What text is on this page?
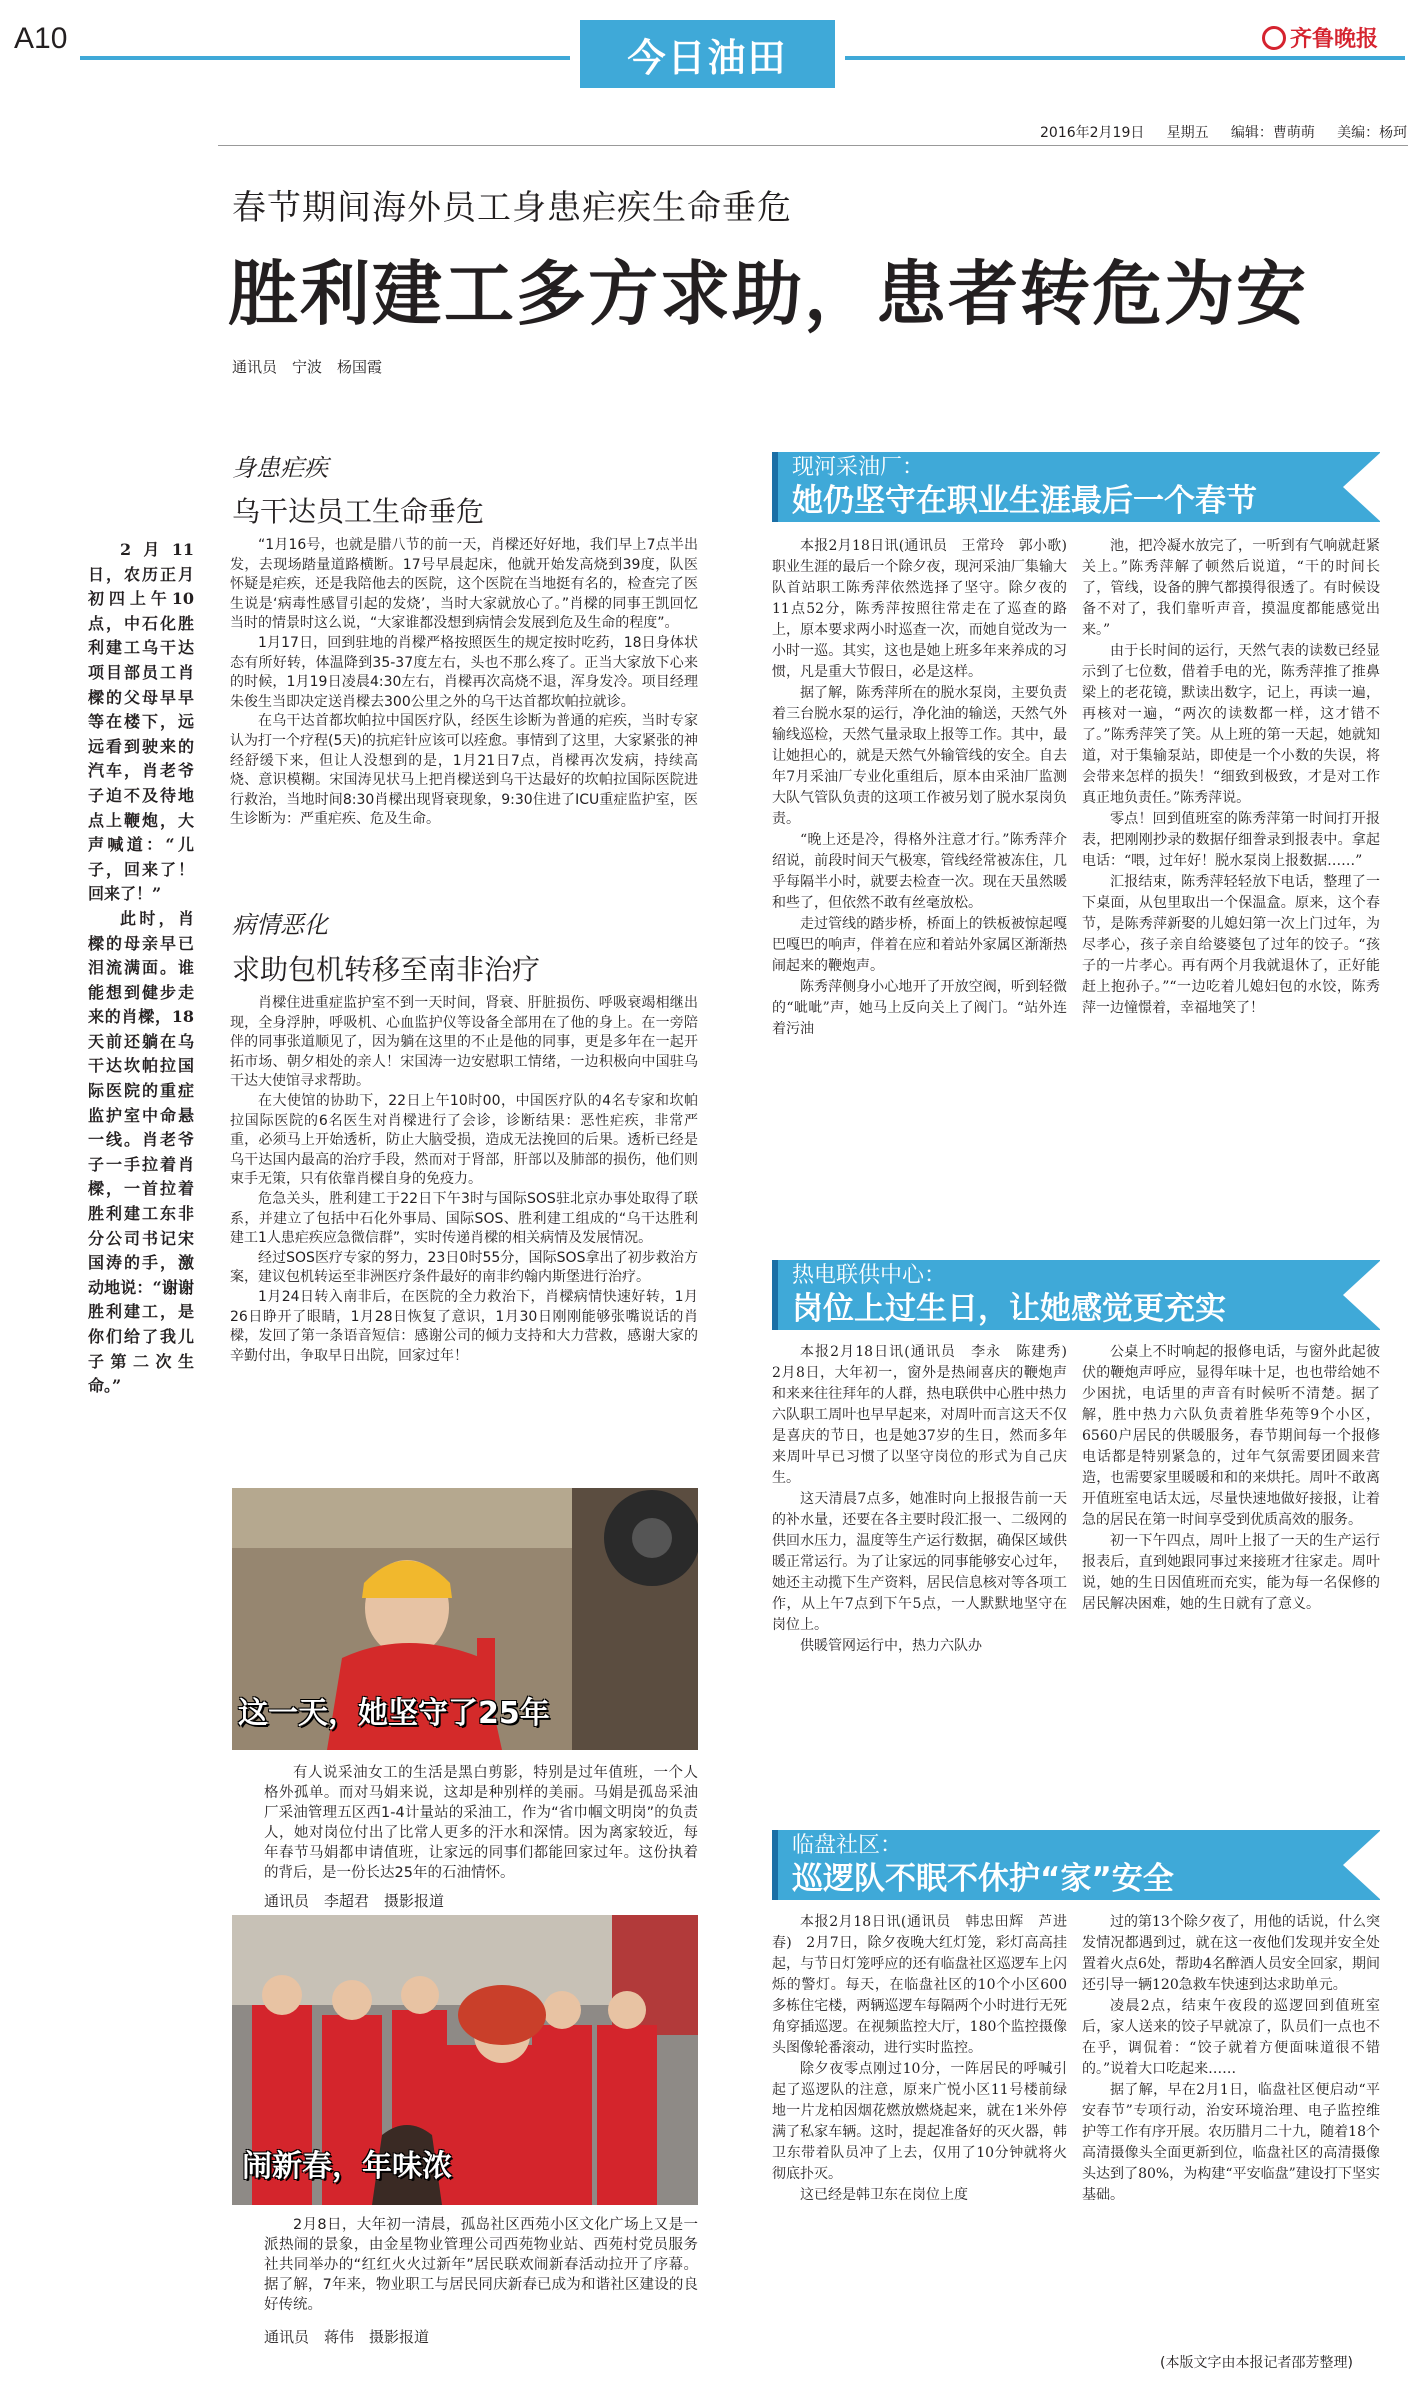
A10	今日油田	齐鲁晚报
2016年2月19日 星期五 编辑：曹萌萌 美编：杨珂
春节期间海外员工身患疟疾生命垂危
胜利建工多方求助，患者转危为安
通讯员　宁波　杨国霞

2月11日，农历正月初四上午10点，中石化胜利建工乌干达项目部员工肖樑的父母早早等在楼下，远远看到驶来的汽车，肖老爷子迫不及待地点上鞭炮，大声喊道：“儿子，回来了！回来了！”

此时，肖樑的母亲早已泪流满面。谁能想到健步走来的肖樑，18天前还躺在乌干达坎帕拉国际医院的重症监护室中命悬一线。肖老爷子一手拉着肖樑，一首拉着胜利建工东非分公司书记宋国涛的手，激动地说：“谢谢胜利建工，是你们给了我儿子第二次生命。”

身患疟疾
乌干达员工生命垂危

“1月16号，也就是腊八节的前一天，肖樑还好好地，我们早上7点半出发，去现场踏量道路横断。17号早晨起床，他就开始发高烧到39度，队医怀疑是疟疾，还是我陪他去的医院，这个医院在当地挺有名的，检查完了医生说是‘病毒性感冒引起的发烧’，当时大家就放心了。”肖樑的同事王凯回忆当时的情景时这么说，“大家谁都没想到病情会发展到危及生命的程度”。

1月17日，回到驻地的肖樑严格按照医生的规定按时吃药，18日身体状态有所好转，体温降到35-37度左右，头也不那么疼了。正当大家放下心来的时候，1月19日凌晨4:30左右，肖樑再次高烧不退，浑身发冷。项目经理朱俊生当即决定送肖樑去300公里之外的乌干达首都坎帕拉就诊。

在乌干达首都坎帕拉中国医疗队，经医生诊断为普通的疟疾，当时专家认为打一个疗程(5天)的抗疟针应该可以痊愈。事情到了这里，大家紧张的神经舒缓下来，但让人没想到的是，1月21日7点，肖樑再次发病，持续高烧、意识模糊。宋国涛见状马上把肖樑送到乌干达最好的坎帕拉国际医院进行救治，当地时间8:30肖樑出现肾衰现象，9:30住进了ICU重症监护室，医生诊断为：严重疟疾、危及生命。

病情恶化
求助包机转移至南非治疗

肖樑住进重症监护室不到一天时间，肾衰、肝脏损伤、呼吸衰竭相继出现，全身浮肿，呼吸机、心血监护仪等设备全部用在了他的身上。在一旁陪伴的同事张道顺见了，因为躺在这里的不止是他的同事，更是多年在一起开拓市场、朝夕相处的亲人！宋国涛一边安慰职工情绪，一边积极向中国驻乌干达大使馆寻求帮助。

在大使馆的协助下，22日上午10时00，中国医疗队的4名专家和坎帕拉国际医院的6名医生对肖樑进行了会诊，诊断结果：恶性疟疾，非常严重，必须马上开始透析，防止大脑受损，造成无法挽回的后果。透析已经是乌干达国内最高的治疗手段，然而对于肾部，肝部以及肺部的损伤，他们则束手无策，只有依靠肖樑自身的免疫力。

危急关头，胜利建工于22日下午3时与国际SOS驻北京办事处取得了联系，并建立了包括中石化外事局、国际SOS、胜利建工组成的“乌干达胜利建工1人患疟疾应急微信群”，实时传递肖樑的相关病情及发展情况。

经过SOS医疗专家的努力，23日0时55分，国际SOS拿出了初步救治方案，建议包机转运至非洲医疗条件最好的南非约翰内斯堡进行治疗。

1月24日转入南非后，在医院的全力救治下，肖樑病情快速好转，1月26日睁开了眼睛，1月28日恢复了意识，1月30日刚刚能够张嘴说话的肖樑，发回了第一条语音短信：感谢公司的倾力支持和大力营救，感谢大家的辛勤付出，争取早日出院，回家过年！

这一天，她坚守了25年
有人说采油女工的生活是黑白剪影，特别是过年值班，一个人格外孤单。而对马娟来说，这却是种别样的美丽。马娟是孤岛采油厂采油管理五区西1-4计量站的采油工，作为“省巾帼文明岗”的负责人，她对岗位付出了比常人更多的汗水和深情。因为离家较近，每年春节马娟都申请值班，让家远的同事们都能回家过年。这份执着的背后，是一份长达25年的石油情怀。
通讯员　李超君　摄影报道
闹新春，年味浓
2月8日，大年初一清晨，孤岛社区西苑小区文化广场上又是一派热闹的景象，由金星物业管理公司西苑物业站、西苑村党员服务社共同举办的“红红火火过新年”居民联欢闹新春活动拉开了序幕。据了解，7年来，物业职工与居民同庆新春已成为和谐社区建设的良好传统。
通讯员　蒋伟　摄影报道
现河采油厂：
她仍坚守在职业生涯最后一个春节

本报2月18日讯(通讯员　王常玲　郭小歌)　职业生涯的最后一个除夕夜，现河采油厂集输大队首站职工陈秀萍依然选择了坚守。除夕夜的11点52分，陈秀萍按照往常走在了巡查的路上，原本要求两小时巡查一次，而她自觉改为一小时一巡。其实，这也是她上班多年来养成的习惯，凡是重大节假日，必是这样。

据了解，陈秀萍所在的脱水泵岗，主要负责着三台脱水泵的运行，净化油的输送，天然气外输线巡检，天然气量录取上报等工作。其中，最让她担心的，就是天然气外输管线的安全。自去年7月采油厂专业化重组后，原本由采油厂监测大队气管队负责的这项工作被另划了脱水泵岗负责。

“晚上还是冷，得格外注意才行。”陈秀萍介绍说，前段时间天气极寒，管线经常被冻住，几乎每隔半小时，就要去检查一次。现在天虽然暖和些了，但依然不敢有丝毫放松。

走过管线的踏步桥，桥面上的铁板被惊起嘎巴嘎巴的响声，伴着在应和着站外家属区渐渐热闹起来的鞭炮声。

陈秀萍侧身小心地开了开放空阀，听到轻微的“呲呲”声，她马上反向关上了阀门。“站外连着污油

池，把冷凝水放完了，一听到有气响就赶紧关上。”陈秀萍解了顿然后说道，“干的时间长了，管线，设备的脾气都摸得很透了。有时候设备不对了，我们靠听声音，摸温度都能感觉出来。”

由于长时间的运行，天然气表的读数已经显示到了七位数，借着手电的光，陈秀萍推了推鼻梁上的老花镜，默读出数字，记上，再读一遍，再核对一遍，“两次的读数都一样，这才错不了。”陈秀萍笑了笑。从上班的第一天起，她就知道，对于集输泵站，即使是一个小数的失误，将会带来怎样的损失！“细致到极致，才是对工作真正地负责任。”陈秀萍说。

零点！回到值班室的陈秀萍第一时间打开报表，把刚刚抄录的数据仔细誊录到报表中。拿起电话：“喂，过年好！脱水泵岗上报数据……”

汇报结束，陈秀萍轻轻放下电话，整理了一下桌面，从包里取出一个保温盒。原来，这个春节，是陈秀萍新娶的儿媳妇第一次上门过年，为尽孝心，孩子亲自给婆婆包了过年的饺子。“孩子的一片孝心。再有两个月我就退休了，正好能赶上抱孙子。”“一边吃着儿媳妇包的水饺，陈秀萍一边憧憬着，幸福地笑了！

热电联供中心：
岗位上过生日，让她感觉更充实

本报2月18日讯(通讯员　李永　陈建秀)　2月8日，大年初一，窗外是热闹喜庆的鞭炮声和来来往往拜年的人群，热电联供中心胜中热力六队职工周叶也早早起来，对周叶而言这天不仅是喜庆的节日，也是她37岁的生日，然而多年来周叶早已习惯了以坚守岗位的形式为自己庆生。

这天清晨7点多，她准时向上报报告前一天的补水量，还要在各主要时段汇报一、二级网的供回水压力，温度等生产运行数据，确保区域供暖正常运行。为了让家远的同事能够安心过年，她还主动揽下生产资料，居民信息核对等各项工作，从上午7点到下午5点，一人默默地坚守在岗位上。

供暖管网运行中，热力六队办

公桌上不时响起的报修电话，与窗外此起彼伏的鞭炮声呼应，显得年味十足，也也带给她不少困扰，电话里的声音有时候听不清楚。据了解，胜中热力六队负责着胜华苑等9个小区，6560户居民的供暖服务，春节期间每一个报修电话都是特别紧急的，过年气氛需要团圆来营造，也需要家里暖暖和和的来烘托。周叶不敢离开值班室电话太远，尽量快速地做好接报，让着急的居民在第一时间享受到优质高效的服务。

初一下午四点，周叶上报了一天的生产运行报表后，直到她跟同事过来接班才往家走。周叶说，她的生日因值班而充实，能为每一名保修的居民解决困难，她的生日就有了意义。

临盘社区：
巡逻队不眠不休护“家”安全

本报2月18日讯(通讯员　韩忠田辉　芦进春)　2月7日，除夕夜晚大红灯笼，彩灯高高挂起，与节日灯笼呼应的还有临盘社区巡逻车上闪烁的警灯。每天，在临盘社区的10个小区600多栋住宅楼，两辆巡逻车每隔两个小时进行无死角穿插巡逻。在视频监控大厅，180个监控摄像头图像轮番滚动，进行实时监控。

除夕夜零点刚过10分，一阵居民的呼喊引起了巡逻队的注意，原来广悦小区11号楼前绿地一片龙柏因烟花燃放燃烧起来，就在1米外停满了私家车辆。这时，提起准备好的灭火器，韩卫东带着队员冲了上去，仅用了10分钟就将火彻底扑灭。

这已经是韩卫东在岗位上度

过的第13个除夕夜了，用他的话说，什么突发情况都遇到过，就在这一夜他们发现并安全处置着火点6处，帮助4名醉酒人员安全回家，期间还引导一辆120急救车快速到达求助单元。

凌晨2点，结束午夜段的巡逻回到值班室后，家人送来的饺子早就凉了，队员们一点也不在乎，调侃着：“饺子就着方便面味道很不错的。”说着大口吃起来……

据了解，早在2月1日，临盘社区便启动“平安春节”专项行动，治安环境治理、电子监控维护等工作有序开展。农历腊月二十九，随着18个高清摄像头全面更新到位，临盘社区的高清摄像头达到了80%，为构建“平安临盘”建设打下坚实基础。

(本版文字由本报记者邵芳整理)
